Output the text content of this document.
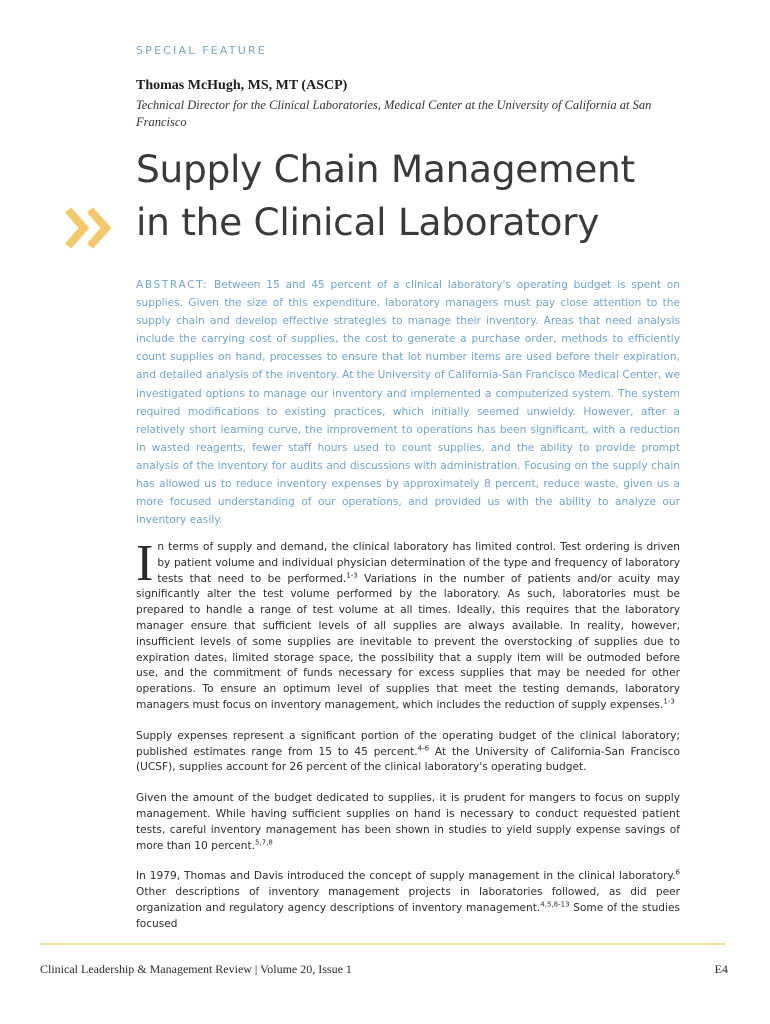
SPECIAL FEATURE
Thomas McHugh, MS, MT (ASCP)
Technical Director for the Clinical Laboratories, Medical Center at the University of California at San Francisco
Supply Chain Management
in the Clinical Laboratory

ABSTRACT: Between 15 and 45 percent of a clinical laboratory's operating budget is spent on supplies. Given the size of this expenditure, laboratory managers must pay close attention to the supply chain and develop effective strategies to manage their inventory. Areas that need analysis include the carrying cost of supplies, the cost to generate a purchase order, methods to efficiently count supplies on hand, processes to ensure that lot number items are used before their expiration, and detailed analysis of the inventory. At the University of California-San Francisco Medical Center, we investigated options to manage our inventory and implemented a computerized system. The system required modifications to existing practices, which initially seemed unwieldy. However, after a relatively short learning curve, the improvement to operations has been significant, with a reduction in wasted reagents, fewer staff hours used to count supplies, and the ability to provide prompt analysis of the inventory for audits and discussions with administration. Focusing on the supply chain has allowed us to reduce inventory expenses by approximately 8 percent, reduce waste, given us a more focused understanding of our operations, and provided us with the ability to analyze our inventory easily.

In terms of supply and demand, the clinical laboratory has limited control. Test ordering is driven by patient volume and individual physician determination of the type and frequency of laboratory tests that need to be performed.$^{1-3}$ Variations in the number of patients and/or acuity may significantly alter the test volume performed by the laboratory. As such, laboratories must be prepared to handle a range of test volume at all times. Ideally, this requires that the laboratory manager ensure that sufficient levels of all supplies are always available. In reality, however, insufficient levels of some supplies are inevitable to prevent the overstocking of supplies due to expiration dates, limited storage space, the possibility that a supply item will be outmoded before use, and the commitment of funds necessary for excess supplies that may be needed for other operations. To ensure an optimum level of supplies that meet the testing demands, laboratory managers must focus on inventory management, which includes the reduction of supply expenses.$^{1-3}$

Supply expenses represent a significant portion of the operating budget of the clinical laboratory; published estimates range from 15 to 45 percent.$^{4-6}$ At the University of California-San Francisco (UCSF), supplies account for 26 percent of the clinical laboratory's operating budget.

Given the amount of the budget dedicated to supplies, it is prudent for mangers to focus on supply management. While having sufficient supplies on hand is necessary to conduct requested patient tests, careful inventory management has been shown in studies to yield supply expense savings of more than 10 percent.$^{5,7,8}$

In 1979, Thomas and Davis introduced the concept of supply management in the clinical laboratory.$^6$ Other descriptions of inventory management projects in laboratories followed, as did peer organization and regulatory agency descriptions of inventory management.$^{4,5,8-13}$ Some of the studies focused

Clinical Leadership & Management Review | Volume 20, Issue 1	E4
